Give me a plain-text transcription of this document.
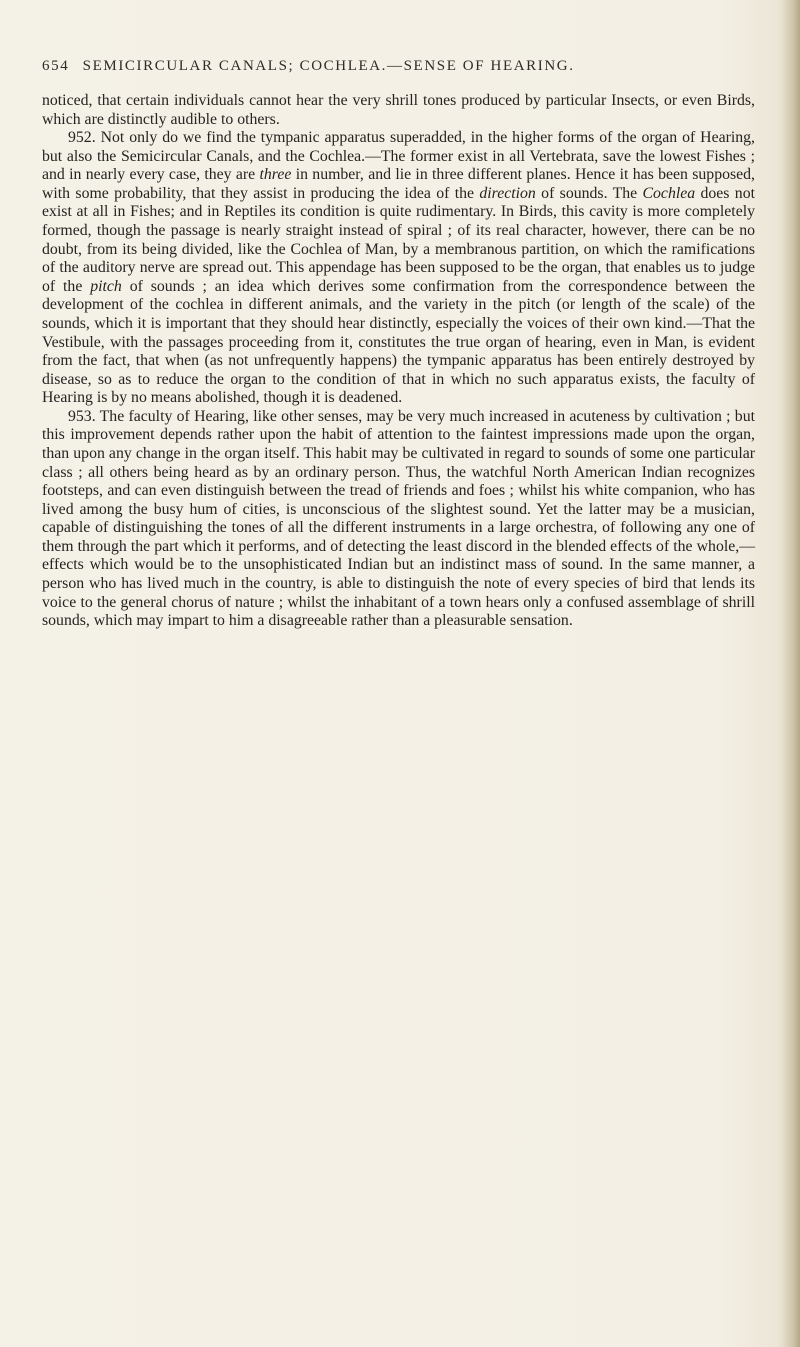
654 SEMICIRCULAR CANALS; COCHLEA.—SENSE OF HEARING.

noticed, that certain individuals cannot hear the very shrill tones produced by particular Insects, or even Birds, which are distinctly audible to others.

952. Not only do we find the tympanic apparatus superadded, in the higher forms of the organ of Hearing, but also the Semicircular Canals, and the Cochlea.—The former exist in all Vertebrata, save the lowest Fishes ; and in nearly every case, they are three in number, and lie in three different planes. Hence it has been supposed, with some probability, that they assist in producing the idea of the direction of sounds. The Cochlea does not exist at all in Fishes; and in Reptiles its condition is quite rudimentary. In Birds, this cavity is more completely formed, though the passage is nearly straight instead of spiral ; of its real character, however, there can be no doubt, from its being divided, like the Cochlea of Man, by a membranous partition, on which the ramifications of the auditory nerve are spread out. This appendage has been supposed to be the organ, that enables us to judge of the pitch of sounds ; an idea which derives some confirmation from the correspondence between the development of the cochlea in different animals, and the variety in the pitch (or length of the scale) of the sounds, which it is important that they should hear distinctly, especially the voices of their own kind.—That the Vestibule, with the passages proceeding from it, constitutes the true organ of hearing, even in Man, is evident from the fact, that when (as not unfrequently happens) the tympanic apparatus has been entirely destroyed by disease, so as to reduce the organ to the condition of that in which no such apparatus exists, the faculty of Hearing is by no means abolished, though it is deadened.

953. The faculty of Hearing, like other senses, may be very much increased in acuteness by cultivation ; but this improvement depends rather upon the habit of attention to the faintest impressions made upon the organ, than upon any change in the organ itself. This habit may be cultivated in regard to sounds of some one particular class ; all others being heard as by an ordinary person. Thus, the watchful North American Indian recognizes footsteps, and can even distinguish between the tread of friends and foes ; whilst his white companion, who has lived among the busy hum of cities, is unconscious of the slightest sound. Yet the latter may be a musician, capable of distinguishing the tones of all the different instruments in a large orchestra, of following any one of them through the part which it performs, and of detecting the least discord in the blended effects of the whole,— effects which would be to the unsophisticated Indian but an indistinct mass of sound. In the same manner, a person who has lived much in the country, is able to distinguish the note of every species of bird that lends its voice to the general chorus of nature ; whilst the inhabitant of a town hears only a confused assemblage of shrill sounds, which may impart to him a disagreeable rather than a pleasurable sensation.
